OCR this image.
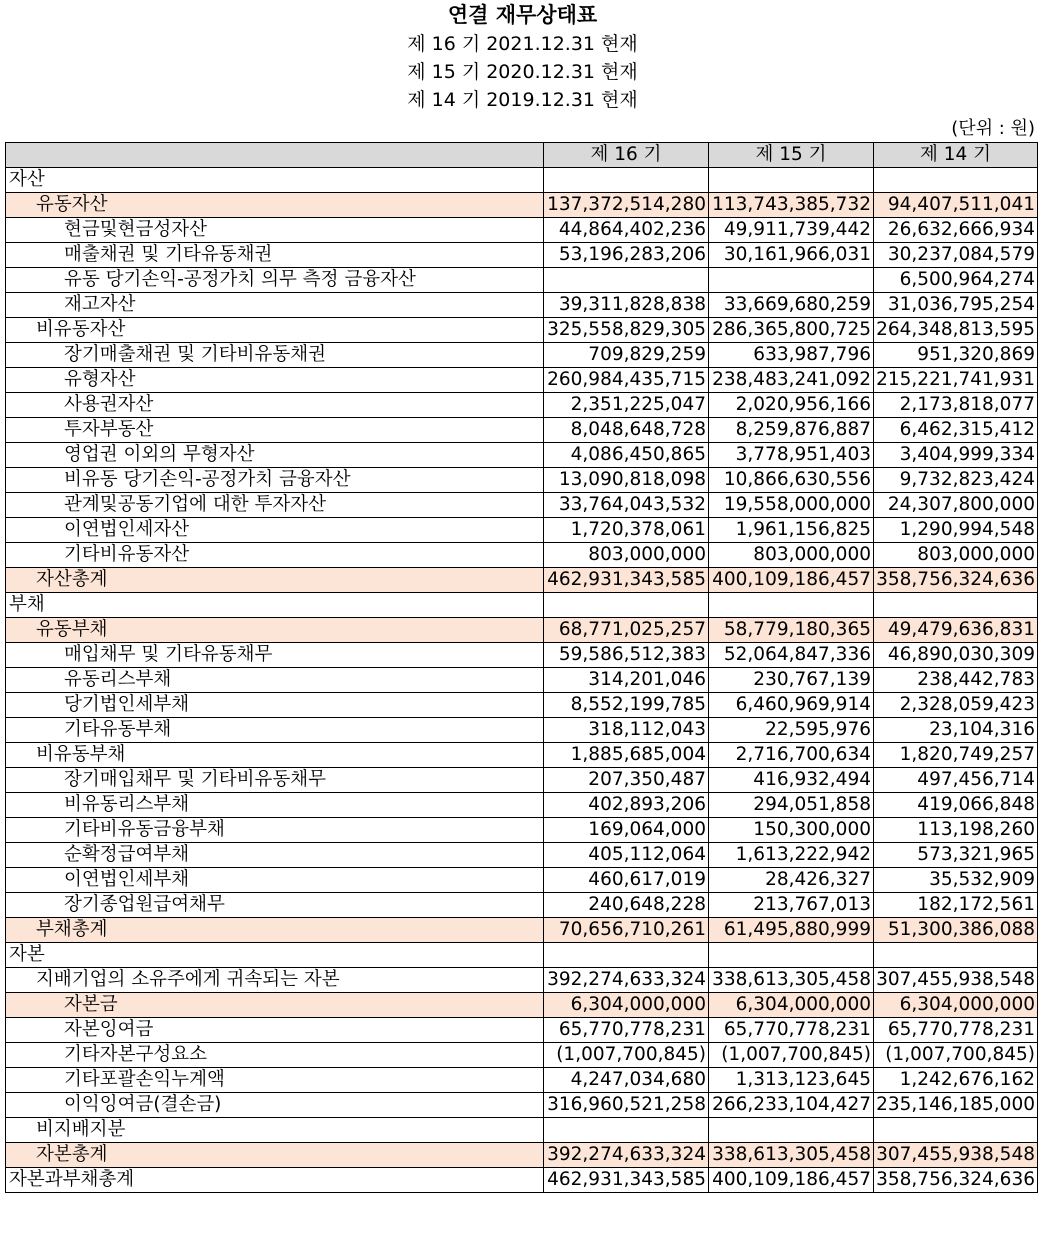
연결 재무상태표
제 16 기 2021.12.31 현재
제 15 기 2020.12.31 현재
제 14 기 2019.12.31 현재
(단위 : 원)
	제 16 기	제 15 기	제 14 기
자산			
유동자산	137,372,514,280	113,743,385,732	94,407,511,041
현금및현금성자산	44,864,402,236	49,911,739,442	26,632,666,934
매출채권 및 기타유동채권	53,196,283,206	30,161,966,031	30,237,084,579
유동 당기손익-공정가치 의무 측정 금융자산			6,500,964,274
재고자산	39,311,828,838	33,669,680,259	31,036,795,254
비유동자산	325,558,829,305	286,365,800,725	264,348,813,595
장기매출채권 및 기타비유동채권	709,829,259	633,987,796	951,320,869
유형자산	260,984,435,715	238,483,241,092	215,221,741,931
사용권자산	2,351,225,047	2,020,956,166	2,173,818,077
투자부동산	8,048,648,728	8,259,876,887	6,462,315,412
영업권 이외의 무형자산	4,086,450,865	3,778,951,403	3,404,999,334
비유동 당기손익-공정가치 금융자산	13,090,818,098	10,866,630,556	9,732,823,424
관계및공동기업에 대한 투자자산	33,764,043,532	19,558,000,000	24,307,800,000
이연법인세자산	1,720,378,061	1,961,156,825	1,290,994,548
기타비유동자산	803,000,000	803,000,000	803,000,000
자산총계	462,931,343,585	400,109,186,457	358,756,324,636
부채			
유동부채	68,771,025,257	58,779,180,365	49,479,636,831
매입채무 및 기타유동채무	59,586,512,383	52,064,847,336	46,890,030,309
유동리스부채	314,201,046	230,767,139	238,442,783
당기법인세부채	8,552,199,785	6,460,969,914	2,328,059,423
기타유동부채	318,112,043	22,595,976	23,104,316
비유동부채	1,885,685,004	2,716,700,634	1,820,749,257
장기매입채무 및 기타비유동채무	207,350,487	416,932,494	497,456,714
비유동리스부채	402,893,206	294,051,858	419,066,848
기타비유동금융부채	169,064,000	150,300,000	113,198,260
순확정급여부채	405,112,064	1,613,222,942	573,321,965
이연법인세부채	460,617,019	28,426,327	35,532,909
장기종업원급여채무	240,648,228	213,767,013	182,172,561
부채총계	70,656,710,261	61,495,880,999	51,300,386,088
자본			
지배기업의 소유주에게 귀속되는 자본	392,274,633,324	338,613,305,458	307,455,938,548
자본금	6,304,000,000	6,304,000,000	6,304,000,000
자본잉여금	65,770,778,231	65,770,778,231	65,770,778,231
기타자본구성요소	(1,007,700,845)	(1,007,700,845)	(1,007,700,845)
기타포괄손익누계액	4,247,034,680	1,313,123,645	1,242,676,162
이익잉여금(결손금)	316,960,521,258	266,233,104,427	235,146,185,000
비지배지분			
자본총계	392,274,633,324	338,613,305,458	307,455,938,548
자본과부채총계	462,931,343,585	400,109,186,457	358,756,324,636
